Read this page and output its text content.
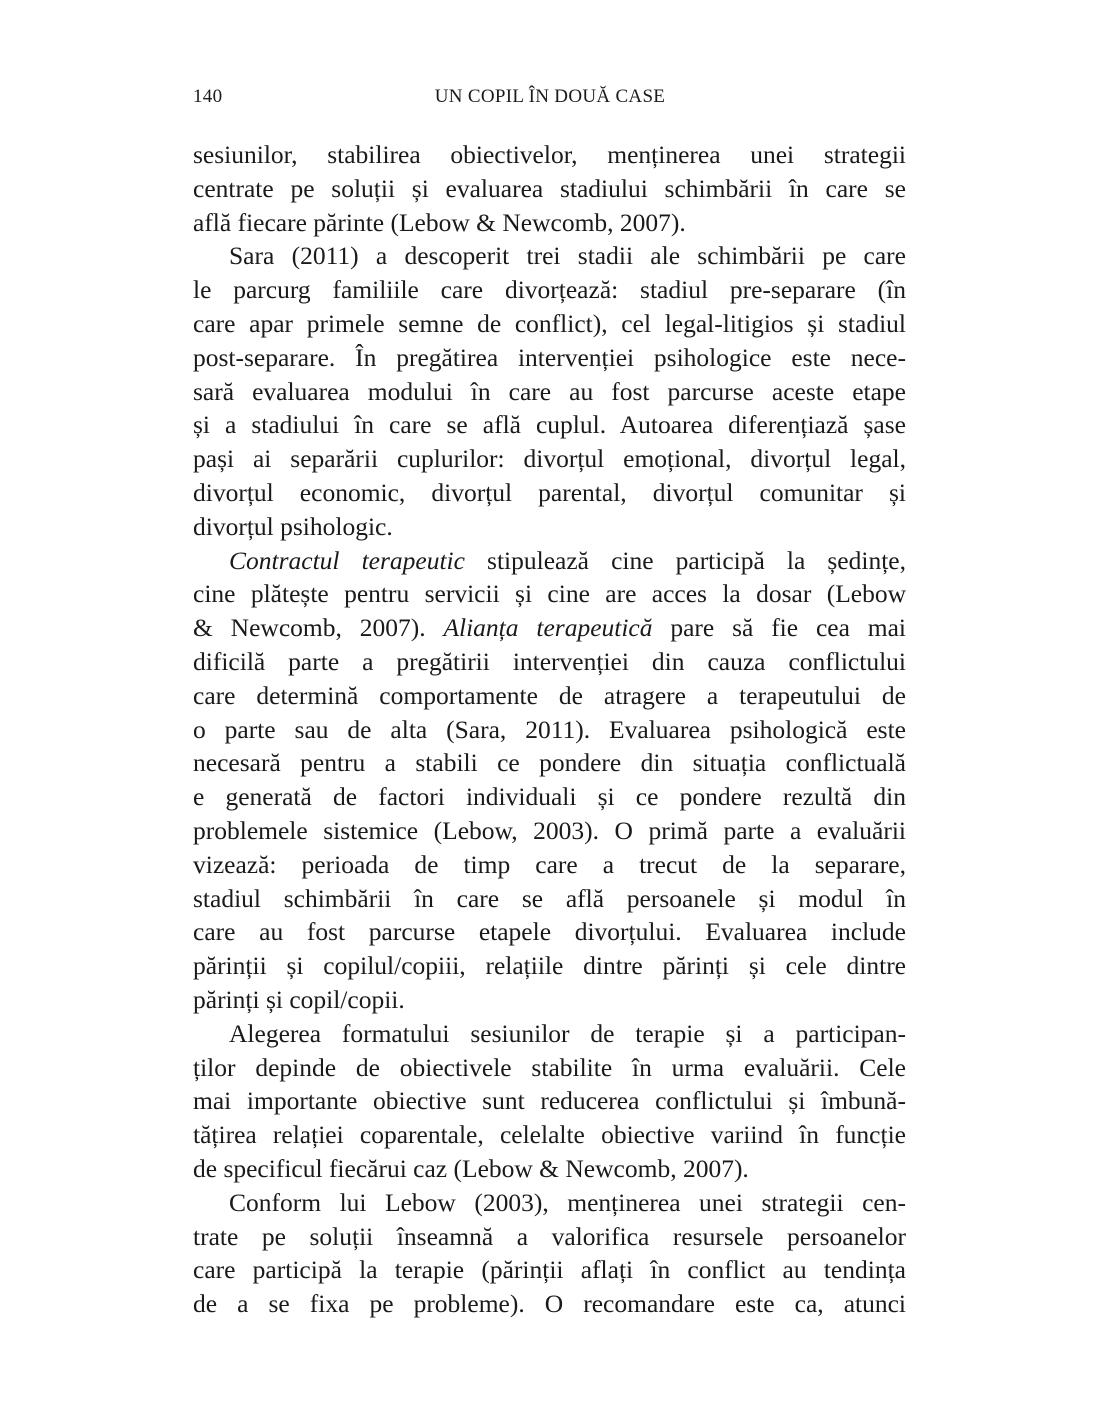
140	UN COPIL ÎN DOUĂ CASE
sesiunilor, stabilirea obiectivelor, menținerea unei strategii
centrate pe soluții și evaluarea stadiului schimbării în care se
află fiecare părinte (Lebow & Newcomb, 2007).
Sara (2011) a descoperit trei stadii ale schimbării pe care
le parcurg familiile care divorțează: stadiul pre-separare (în
care apar primele semne de conflict), cel legal-litigios și stadiul
post-separare. În pregătirea intervenției psihologice este nece-
sară evaluarea modului în care au fost parcurse aceste etape
și a stadiului în care se află cuplul. Autoarea diferențiază șase
pași ai separării cuplurilor: divorțul emoțional, divorțul legal,
divorțul economic, divorțul parental, divorțul comunitar și
divorțul psihologic.
Contractul terapeutic stipulează cine participă la ședințe,
cine plătește pentru servicii și cine are acces la dosar (Lebow
& Newcomb, 2007). Alianța terapeutică pare să fie cea mai
dificilă parte a pregătirii intervenției din cauza conflictului
care determină comportamente de atragere a terapeutului de
o parte sau de alta (Sara, 2011). Evaluarea psihologică este
necesară pentru a stabili ce pondere din situația conflictuală
e generată de factori individuali și ce pondere rezultă din
problemele sistemice (Lebow, 2003). O primă parte a evaluării
vizează: perioada de timp care a trecut de la separare,
stadiul schimbării în care se află persoanele și modul în
care au fost parcurse etapele divorțului. Evaluarea include
părinții și copilul/copiii, relațiile dintre părinți și cele dintre
părinți și copil/copii.
Alegerea formatului sesiunilor de terapie și a participan-
ților depinde de obiectivele stabilite în urma evaluării. Cele
mai importante obiective sunt reducerea conflictului și îmbună-
tățirea relației coparentale, celelalte obiective variind în funcție
de specificul fiecărui caz (Lebow & Newcomb, 2007).
Conform lui Lebow (2003), menținerea unei strategii cen-
trate pe soluții înseamnă a valorifica resursele persoanelor
care participă la terapie (părinții aflați în conflict au tendința
de a se fixa pe probleme). O recomandare este ca, atunci
